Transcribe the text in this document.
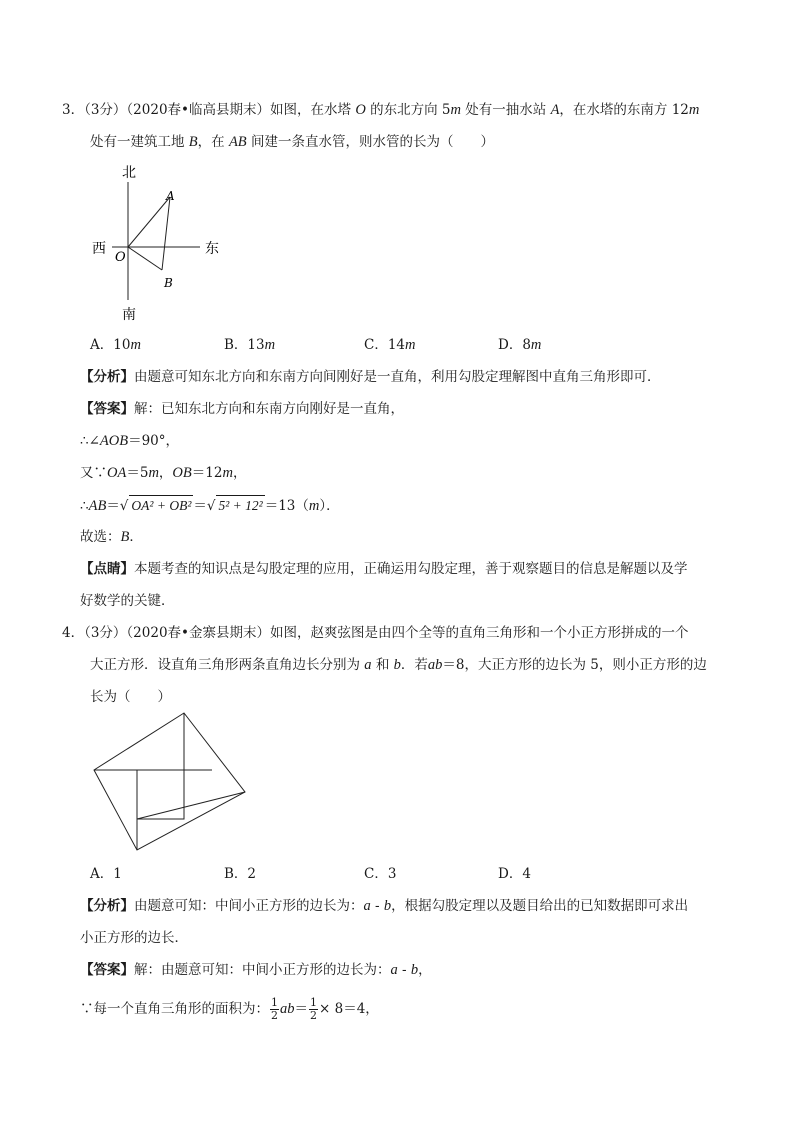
3．（3分）（2020春•临高县期末）如图，在水塔 O 的东北方向 5m 处有一抽水站 A，在水塔的东南方 12m
处有一建筑工地 B，在 AB 间建一条直水管，则水管的长为（　　）
北
南
西	东
O
A
B
A．10m	B．13m	C．14m	D．8m
【分析】由题意可知东北方向和东南方向间刚好是一直角，利用勾股定理解图中直角三角形即可．
【答案】解：已知东北方向和东南方向刚好是一直角，
∴∠AOB＝90°，
又∵OA＝5m，OB＝12m，
∴AB＝√ OA² + OB² ＝√ 5² + 12² ＝13（m）．
故选：B．
【点睛】本题考查的知识点是勾股定理的应用，正确运用勾股定理，善于观察题目的信息是解题以及学
好数学的关键．
4．（3分）（2020春•金寨县期末）如图，赵爽弦图是由四个全等的直角三角形和一个小正方形拼成的一个
大正方形．设直角三角形两条直角边长分别为 a 和 b．若ab＝8，大正方形的边长为 5，则小正方形的边
长为（　　）
A．1	B．2	C．3	D．4
【分析】由题意可知：中间小正方形的边长为：a - b，根据勾股定理以及题目给出的已知数据即可求出
小正方形的边长．
【答案】解：由题意可知：中间小正方形的边长为：a - b，
∵每一个直角三角形的面积为： $\frac{1}{2} ab= \frac{1}{2} \times 8=4$，
